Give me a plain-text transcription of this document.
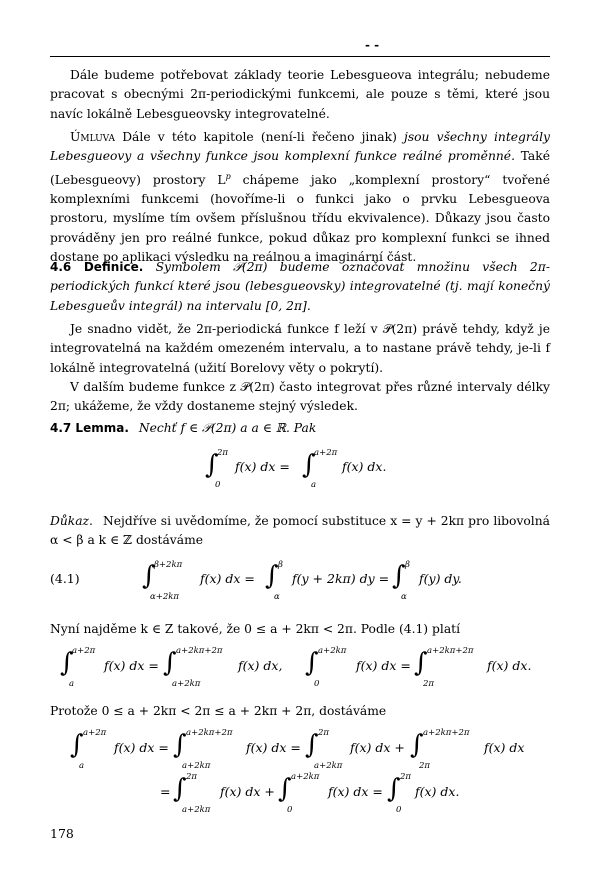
- -
Dále budeme potřebovat základy teorie Lebesgueova integrálu; nebudeme pracovat s obecnými 2π-periodickými funkcemi, ale pouze s těmi, které jsou navíc lokálně Lebesgueovsky integrovatelné.
Úmluva Dále v této kapitole (není-li řečeno jinak) jsou všechny integrály Lebesgueovy a všechny funkce jsou komplexní funkce reálné proměnné. Také (Lebesgueovy) prostory $L^p$ chápeme jako „komplexní prostory“ tvořené komplexními funkcemi (hovoříme-li o funkci jako o prvku Lebesgueova prostoru, myslíme tím ovšem příslušnou třídu ekvivalence). Důkazy jsou často prováděny jen pro reálné funkce, pokud důkaz pro komplexní funkci se ihned dostane po aplikaci výsledku na reálnou a imaginární část.
4.6 Definice. Symbolem 𝒫(2π) budeme označovat množinu všech 2π-periodických funkcí které jsou (lebesgueovsky) integrovatelné (tj. mají konečný Lebesgueův integrál) na intervalu [0, 2π].
Je snadno vidět, že 2π-periodická funkce f leží v 𝒫(2π) právě tehdy, když je integrovatelná na každém omezeném intervalu, a to nastane právě tehdy, je-li f lokálně integrovatelná (užití Borelovy věty o pokrytí).
V dalším budeme funkce z 𝒫(2π) často integrovat přes různé intervaly délky 2π; ukážeme, že vždy dostaneme stejný výsledek.
4.7 Lemma. Nechť f ∈ 𝒫(2π) a a ∈ ℝ. Pak
∫
2π
0
f(x) dx = ∫
a+2π
a
f(x) dx.
Důkaz. Nejdříve si uvědomíme, že pomocí substituce x = y + 2kπ pro libovolná α < β a k ∈ ℤ dostáváme
(4.1) ∫
β+2kπ
α+2kπ
f(x) dx = ∫ β
α
f(y + 2kπ) dy = ∫ β
α
f(y) dy.
Nyní najděme k ∈ Z takové, že 0 ≤ a + 2kπ < 2π. Podle (4.1) platí
∫
a+2π
a
f(x) dx = ∫ a+2kπ+2π
a+2kπ
f(x) dx, ∫ a+2kπ
0
f(x) dx = ∫ a+2kπ+2π
2π
f(x) dx.
Protože 0 ≤ a + 2kπ < 2π ≤ a + 2kπ + 2π, dostáváme
∫ a+2π
a
f(x) dx = ∫ a+2kπ+2π
a+2kπ
f(x) dx = ∫ 2π
a+2kπ
f(x) dx + ∫ a+2kπ+2π
2π
f(x) dx
= ∫ 2π
a+2kπ
f(x) dx + ∫ a+2kπ
0
f(x) dx = ∫ 2π
0
f(x) dx.
178
